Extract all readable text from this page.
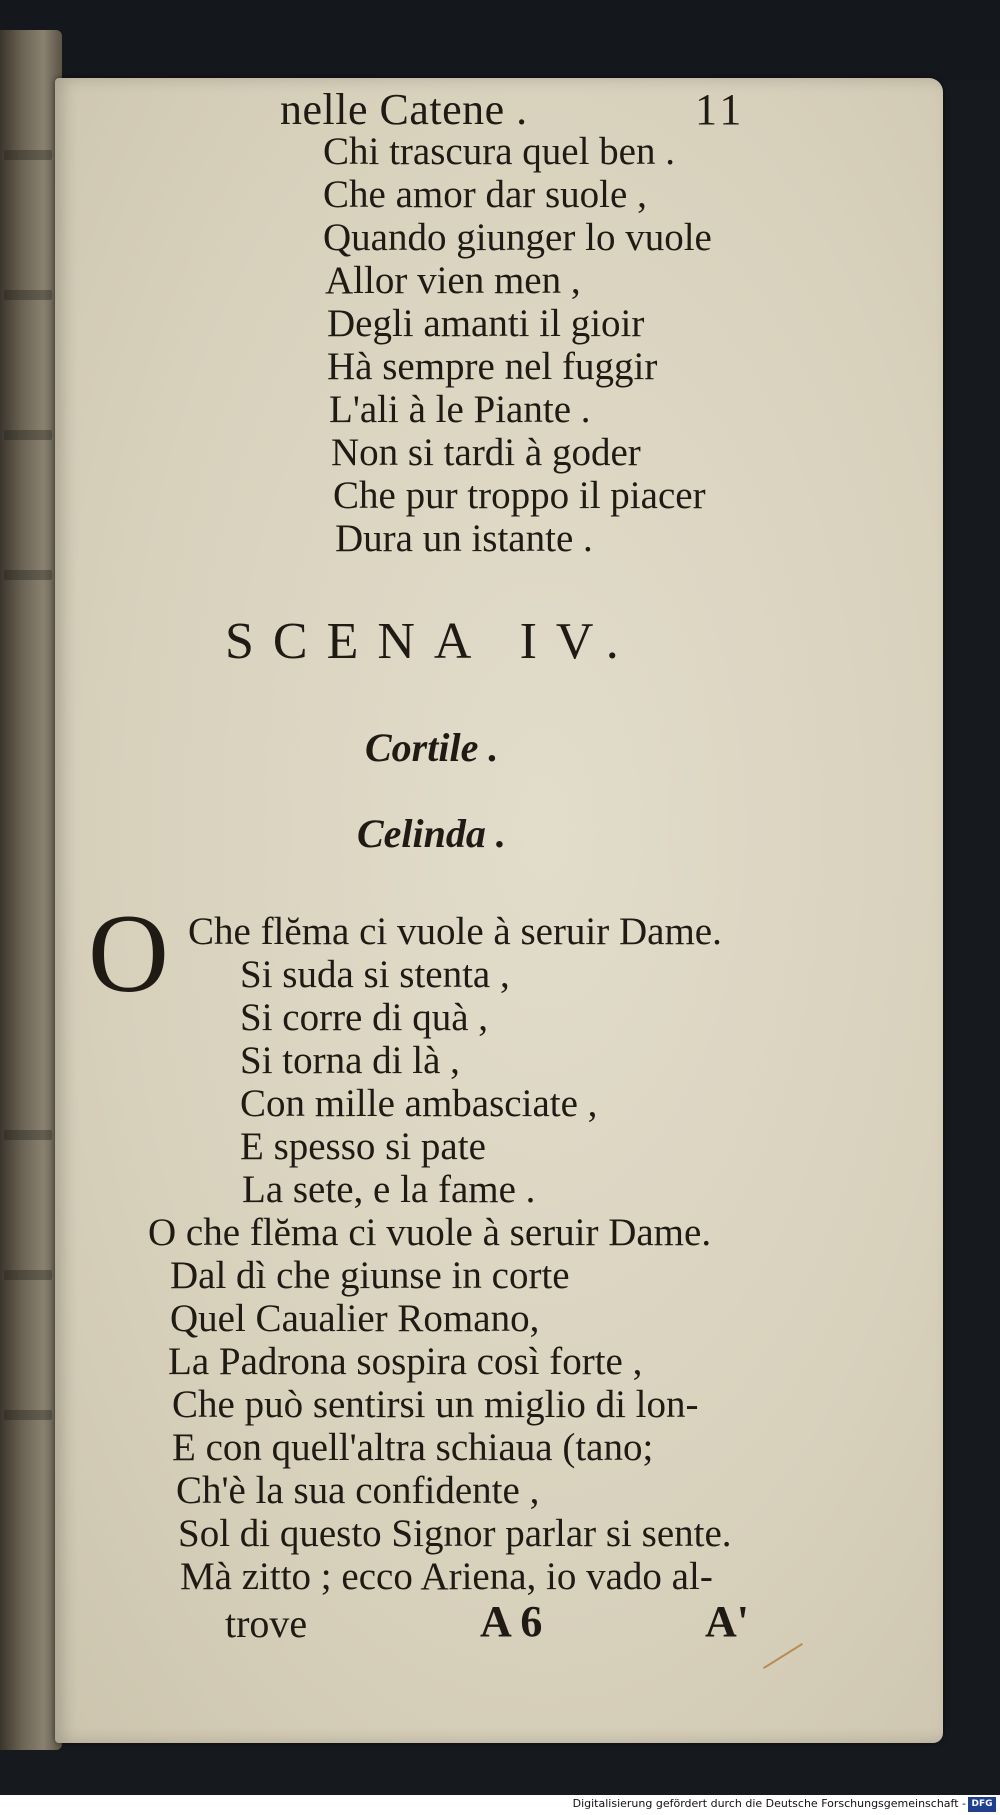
nelle Catene .	11
Chi trascura quel ben .
Che amor dar suole ,
Quando giunger lo vuole
Allor vien men ,
Degli amanti il gioir
Hà sempre nel fuggir
L'ali à le Piante .
Non si tardi à goder
Che pur troppo il piacer
Dura un istante .
SCENA IV.
Cortile .
Celinda .
O Che flĕma ci vuole à seruir Dame.
Si suda si stenta ,
Si corre di quà ,
Si torna di là ,
Con mille ambasciate ,
E spesso si pate
La sete, e la fame .
O che flĕma ci vuole à seruir Dame.
Dal dì che giunse in corte
Quel Caualier Romano,
La Padrona sospira così forte ,
Che può sentirsi un miglio di lon-
E con quell'altra schiaua (tano;
Ch'è la sua confidente ,
Sol di questo Signor parlar si sente.
Mà zitto ; ecco Ariena, io vado al-
trove	A 6	A'
Digitalisierung gefördert durch die Deutsche Forschungsgemeinschaft - DFG
